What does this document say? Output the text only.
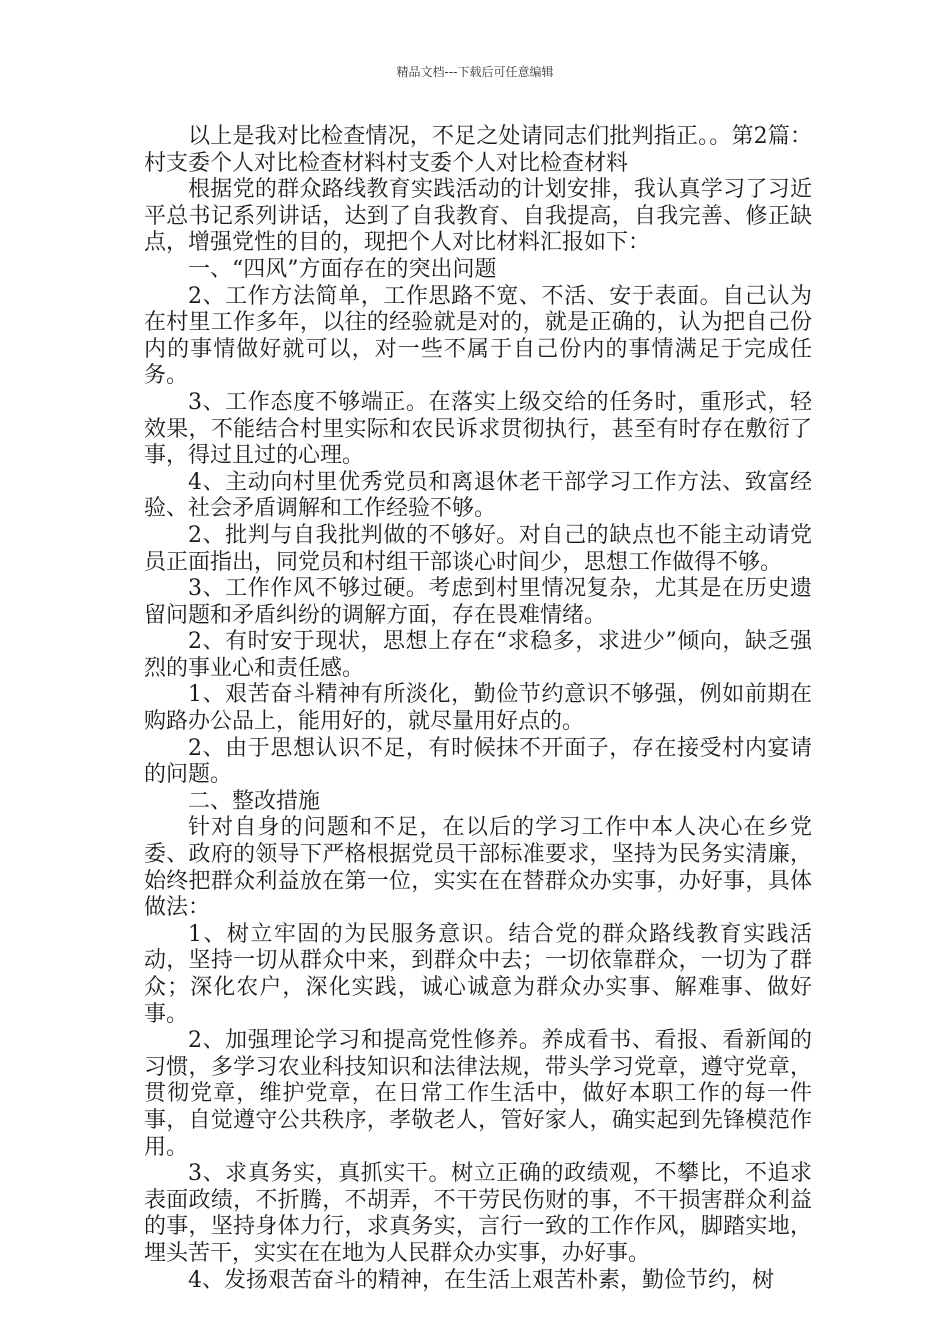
精品文档---下载后可任意编辑

以上是我对比检查情况，不足之处请同志们批判指正。。第2篇：村支委个人对比检查材料村支委个人对比检查材料

根据党的群众路线教育实践活动的计划安排，我认真学习了习近平总书记系列讲话，达到了自我教育、自我提高，自我完善、修正缺点，增强党性的目的，现把个人对比材料汇报如下：

一、“四风”方面存在的突出问题

2、工作方法简单，工作思路不宽、不活、安于表面。自己认为在村里工作多年，以往的经验就是对的，就是正确的，认为把自己份内的事情做好就可以，对一些不属于自己份内的事情满足于完成任务。

3、工作态度不够端正。在落实上级交给的任务时，重形式，轻效果，不能结合村里实际和农民诉求贯彻执行，甚至有时存在敷衍了事，得过且过的心理。

4、主动向村里优秀党员和离退休老干部学习工作方法、致富经验、社会矛盾调解和工作经验不够。

2、批判与自我批判做的不够好。对自己的缺点也不能主动请党员正面指出，同党员和村组干部谈心时间少，思想工作做得不够。

3、工作作风不够过硬。考虑到村里情况复杂，尤其是在历史遗留问题和矛盾纠纷的调解方面，存在畏难情绪。

2、有时安于现状，思想上存在“求稳多，求进少”倾向，缺乏强烈的事业心和责任感。

1、艰苦奋斗精神有所淡化，勤俭节约意识不够强，例如前期在购路办公品上，能用好的，就尽量用好点的。

2、由于思想认识不足，有时候抹不开面子，存在接受村内宴请的问题。

二、整改措施

针对自身的问题和不足，在以后的学习工作中本人决心在乡党委、政府的领导下严格根据党员干部标准要求，坚持为民务实清廉，始终把群众利益放在第一位，实实在在替群众办实事，办好事，具体做法：

1、树立牢固的为民服务意识。结合党的群众路线教育实践活动，坚持一切从群众中来，到群众中去；一切依靠群众，一切为了群众；深化农户，深化实践，诚心诚意为群众办实事、解难事、做好事。

2、加强理论学习和提高党性修养。养成看书、看报、看新闻的习惯，多学习农业科技知识和法律法规，带头学习党章，遵守党章，贯彻党章，维护党章，在日常工作生活中，做好本职工作的每一件事，自觉遵守公共秩序，孝敬老人，管好家人，确实起到先锋模范作用。

3、求真务实，真抓实干。树立正确的政绩观，不攀比，不追求表面政绩，不折腾，不胡弄，不干劳民伤财的事，不干损害群众利益的事，坚持身体力行，求真务实，言行一致的工作作风，脚踏实地，埋头苦干，实实在在地为人民群众办实事，办好事。

4、发扬艰苦奋斗的精神，在生活上艰苦朴素，勤俭节约，树
